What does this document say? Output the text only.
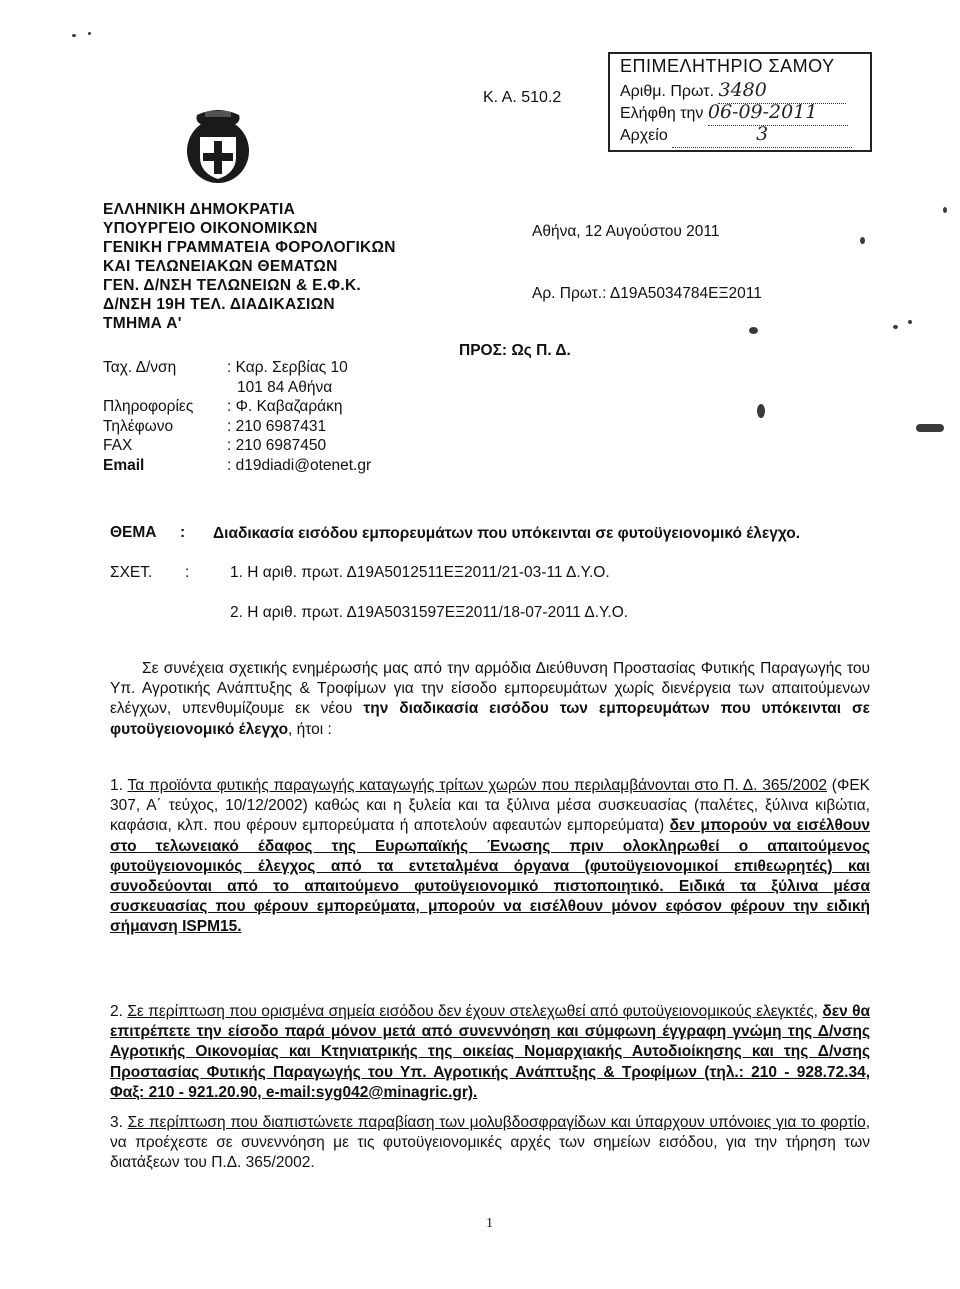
Κ. Α. 510.2
ΕΠΙΜΕΛΗΤΗΡΙΟ ΣΑΜΟΥ
Αριθμ. Πρωτ. 3480
Ελήφθη την 06-09-2011
Αρχείο	3
ΕΛΛΗΝΙΚΗ ΔΗΜΟΚΡΑΤΙΑ
ΥΠΟΥΡΓΕΙΟ ΟΙΚΟΝΟΜΙΚΩΝ
ΓΕΝΙΚΗ ΓΡΑΜΜΑΤΕΙΑ ΦΟΡΟΛΟΓΙΚΩΝ
ΚΑΙ ΤΕΛΩΝΕΙΑΚΩΝ ΘΕΜΑΤΩΝ
ΓΕΝ. Δ/ΝΣΗ ΤΕΛΩΝΕΙΩΝ & Ε.Φ.Κ.
Δ/ΝΣΗ 19Η ΤΕΛ. ΔΙΑΔΙΚΑΣΙΩΝ
ΤΜΗΜΑ Α'
Ταχ. Δ/νση	: Καρ. Σερβίας 10
101 84 Αθήνα
Πληροφορίες	: Φ. Καβαζαράκη
Τηλέφωνο	: 210 6987431
FAX	: 210 6987450
Email	: d19diadi@otenet.gr
Αθήνα, 12 Αυγούστου 2011
Αρ. Πρωτ.: Δ19Α5034784ΕΞ2011
ΠΡΟΣ: Ως Π. Δ.
ΘΕΜΑ : Διαδικασία εισόδου εμπορευμάτων που υπόκεινται σε φυτοϋγειονομικό έλεγχο.
ΣΧΕΤ. :	1. Η αριθ. πρωτ. Δ19Α5012511ΕΞ2011/21-03-11 Δ.Υ.Ο.
2. Η αριθ. πρωτ. Δ19Α5031597ΕΞ2011/18-07-2011 Δ.Υ.Ο.
Σε συνέχεια σχετικής ενημέρωσής μας από την αρμόδια Διεύθυνση Προστασίας Φυτικής Παραγωγής του Υπ. Αγροτικής Ανάπτυξης & Τροφίμων για την είσοδο εμπορευμάτων χωρίς διενέργεια των απαιτούμενων ελέγχων, υπενθυμίζουμε εκ νέου την διαδικασία εισόδου των εμπορευμάτων που υπόκεινται σε φυτοϋγειονομικό έλεγχο, ήτοι :
1. Τα προϊόντα φυτικής παραγωγής καταγωγής τρίτων χωρών που περιλαμβάνονται στο Π. Δ. 365/2002 (ΦΕΚ 307, Α΄ τεύχος, 10/12/2002) καθώς και η ξυλεία και τα ξύλινα μέσα συσκευασίας (παλέτες, ξύλινα κιβώτια, καφάσια, κλπ. που φέρουν εμπορεύματα ή αποτελούν αφεαυτών εμπορεύματα) δεν μπορούν να εισέλθουν στο τελωνειακό έδαφος της Ευρωπαϊκής Ένωσης πριν ολοκληρωθεί ο απαιτούμενος φυτοϋγειονομικός έλεγχος από τα εντεταλμένα όργανα (φυτοϋγειονομικοί επιθεωρητές) και συνοδεύονται από το απαιτούμενο φυτοϋγειονομικό πιστοποιητικό. Ειδικά τα ξύλινα μέσα συσκευασίας που φέρουν εμπορεύματα, μπορούν να εισέλθουν μόνον εφόσον φέρουν την ειδική σήμανση ISPM15.
2. Σε περίπτωση που ορισμένα σημεία εισόδου δεν έχουν στελεχωθεί από φυτοϋγειονομικούς ελεγκτές, δεν θα επιτρέπετε την είσοδο παρά μόνον μετά από συνεννόηση και σύμφωνη έγγραφη γνώμη της Δ/νσης Αγροτικής Οικονομίας και Κτηνιατρικής της οικείας Νομαρχιακής Αυτοδιοίκησης και της Δ/νσης Προστασίας Φυτικής Παραγωγής του Υπ. Αγροτικής Ανάπτυξης & Τροφίμων (τηλ.: 210 - 928.72.34, Φαξ: 210 - 921.20.90, e-mail:syg042@minagric.gr).
3. Σε περίπτωση που διαπιστώνετε παραβίαση των μολυβδοσφραγίδων και ύπαρχουν υπόνοιες για το φορτίο, να προέχεστε σε συνεννόηση με τις φυτοϋγειονομικές αρχές των σημείων εισόδου, για την τήρηση των διατάξεων του Π.Δ. 365/2002.
1
